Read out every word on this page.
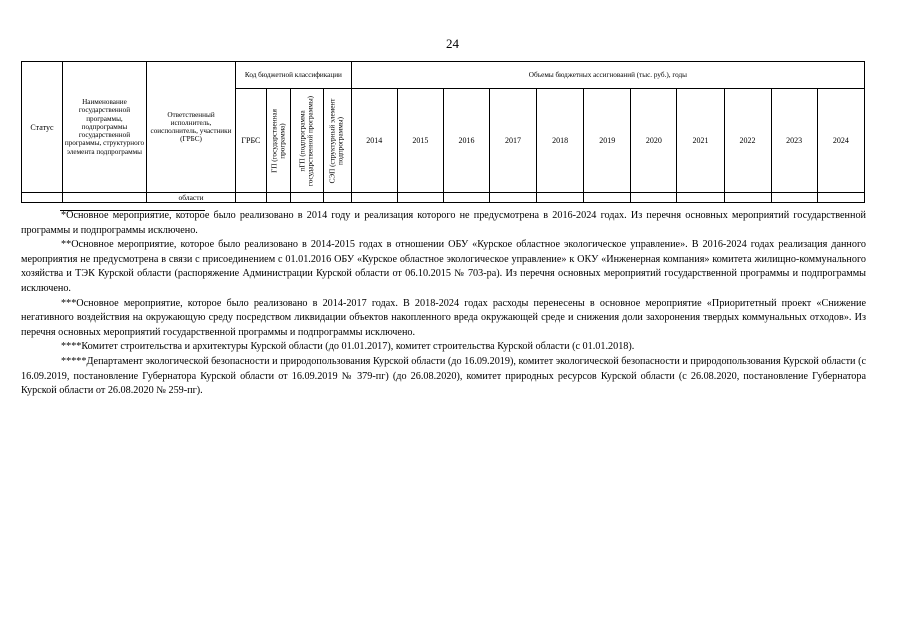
24
Статус	Наименование государственной программы, подпрограммы государственной программы, структурного элемента подпрограммы	Ответственный исполнитель, соисполнитель, участники (ГРБС)	Код бюджетной классификации				Объемы бюджетных ассигнований (тыс. руб.), годы										
			ГРБС	ГП (государственная программа)	пГП (подпрограмма государственной программы)	СЭП (структурный элемент подпрограммы)	2014	2015	2016	2017	2018	2019	2020	2021	2022	2023	2024
		области															

*Основное мероприятие, которое было реализовано в 2014 году и реализация которого не предусмотрена в 2016-2024 годах. Из перечня основных мероприятий государственной программы и подпрограммы исключено.

**Основное мероприятие, которое было реализовано в 2014-2015 годах в отношении ОБУ «Курское областное экологическое управление». В 2016-2024 годах реализация данного мероприятия не предусмотрена в связи с присоединением с 01.01.2016 ОБУ «Курское областное экологическое управление» к ОКУ «Инженерная компания» комитета жилищно-коммунального хозяйства и ТЭК Курской области (распоряжение Администрации Курской области от 06.10.2015 № 703-ра). Из перечня основных мероприятий государственной программы и подпрограммы исключено.

***Основное мероприятие, которое было реализовано в 2014-2017 годах. В 2018-2024 годах расходы перенесены в основное мероприятие «Приоритетный проект «Снижение негативного воздействия на окружающую среду посредством ликвидации объектов накопленного вреда окружающей среде и снижения доли захоронения твердых коммунальных отходов». Из перечня основных мероприятий государственной программы и подпрограммы исключено.

****Комитет строительства и архитектуры Курской области (до 01.01.2017), комитет строительства Курской области (с 01.01.2018).

*****Департамент экологической безопасности и природопользования Курской области (до 16.09.2019), комитет экологической безопасности и природопользования Курской области (с 16.09.2019, постановление Губернатора Курской области от 16.09.2019 № 379-пг) (до 26.08.2020), комитет природных ресурсов Курской области (с 26.08.2020, постановление Губернатора Курской области от 26.08.2020 № 259-пг).
